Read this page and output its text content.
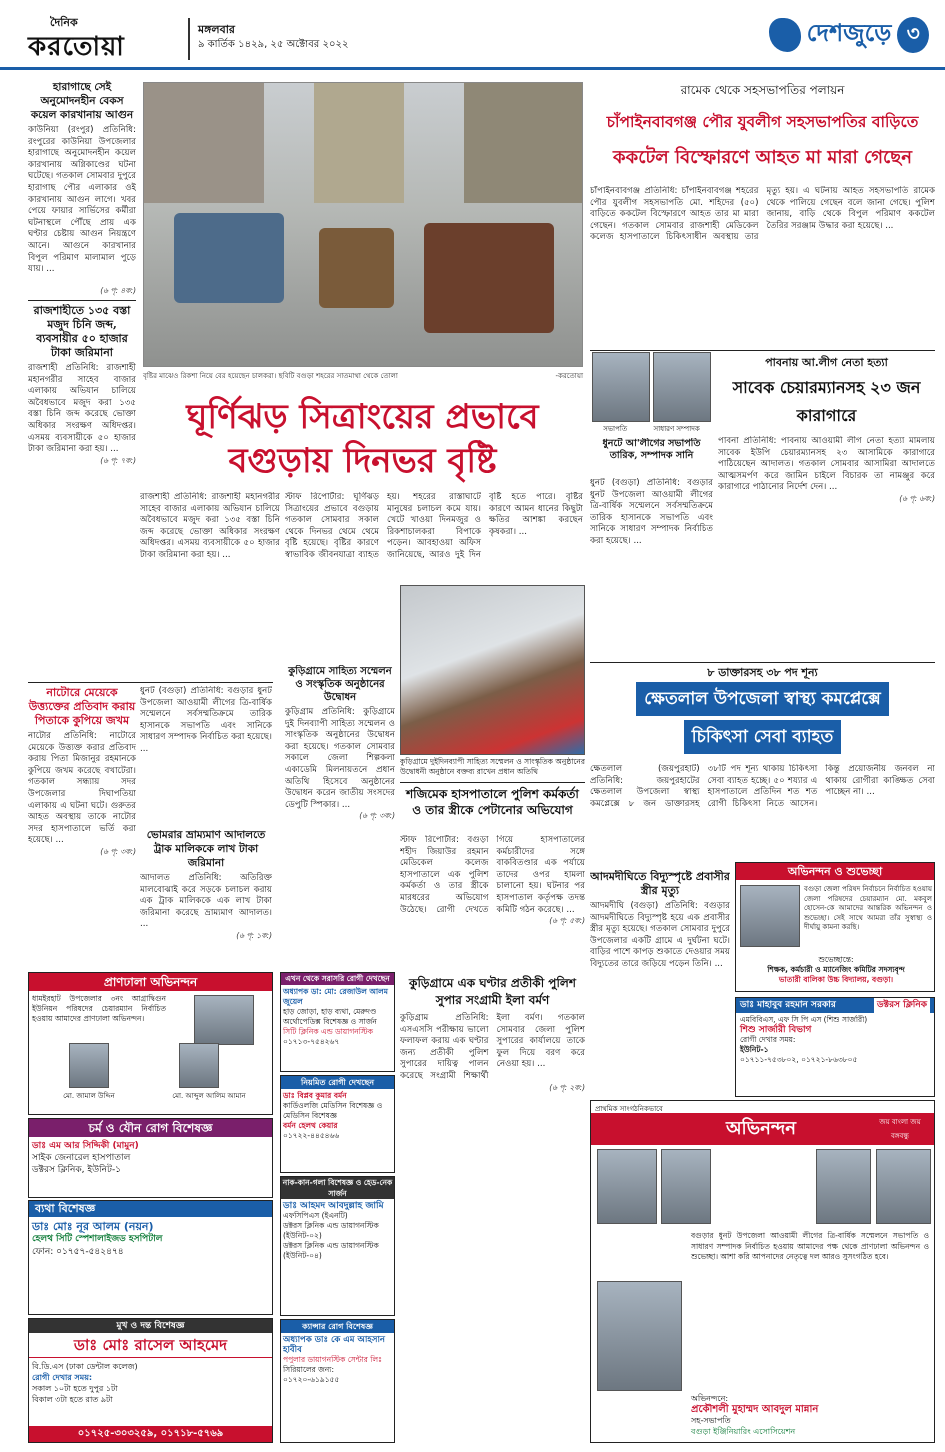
দৈনিক
করতোয়া
মঙ্গলবার
৯ কার্তিক ১৪২৯, ২৫ অক্টোবর ২০২২	দেশজুড়ে ৩
হারাগাছে সেই অনুমোদনহীন বেকস কয়েল কারখানায় আগুন
কাউনিয়া (রংপুর) প্রতিনিধি: রংপুরের কাউনিয়া উপজেলার হারাগাছে অনুমোদনহীন কয়েল কারখানায় অগ্নিকাণ্ডের ঘটনা ঘটেছে। গতকাল সোমবার দুপুরে হারাগাছ পৌর এলাকার ওই কারখানায় আগুন লাগে। খবর পেয়ে ফায়ার সার্ভিসের কর্মীরা ঘটনাস্থলে পৌঁছে প্রায় এক ঘণ্টার চেষ্টায় আগুন নিয়ন্ত্রণে আনে। আগুনে কারখানার বিপুল পরিমাণ মালামাল পুড়ে যায়। ...
(৬ পৃ: ৪ক:)
রাজশাহীতে ১৩৫ বস্তা মজুদ চিনি জব্দ, ব্যবসায়ীর ৫০ হাজার টাকা জরিমানা
রাজশাহী প্রতিনিধি: রাজশাহী মহানগরীর সাহেব বাজার এলাকায় অভিযান চালিয়ে অবৈধভাবে মজুদ করা ১৩৫ বস্তা চিনি জব্দ করেছে ভোক্তা অধিকার সংরক্ষণ অধিদপ্তর। এসময় ব্যবসায়ীকে ৫০ হাজার টাকা জরিমানা করা হয়। ...
(৬ পৃ: ৭ক:)
নাটোরে মেয়েকে উত্ত্যক্তের প্রতিবাদ করায় পিতাকে কুপিয়ে জখম
নাটোর প্রতিনিধি: নাটোরে মেয়েকে উত্ত্যক্ত করার প্রতিবাদ করায় পিতা মিজানুর রহমানকে কুপিয়ে জখম করেছে বখাটেরা। গতকাল সন্ধ্যায় সদর উপজেলার দিঘাপতিয়া এলাকায় এ ঘটনা ঘটে। গুরুতর আহত অবস্থায় তাকে নাটোর সদর হাসপাতালে ভর্তি করা হয়েছে। ...
(৬ পৃ: ৩ক:)
ধুনট (বগুড়া) প্রতিনিধি: বগুড়ার ধুনট উপজেলা আওয়ামী লীগের ত্রি-বার্ষিক সম্মেলনে সর্বসম্মতিক্রমে তারিক হাসানকে সভাপতি এবং সানিকে সাধারণ সম্পাদক নির্বাচিত করা হয়েছে। ...
ভোমরার ভ্রাম্যমাণ আদালতে ট্রাক মালিককে লাখ টাকা জরিমানা
আদালত প্রতিনিধি: অতিরিক্ত মালবোঝাই করে সড়কে চলাচল করায় এক ট্রাক মালিককে এক লাখ টাকা জরিমানা করেছে ভ্রাম্যমাণ আদালত। ...
(৬ পৃ: ১ক:)
বৃষ্টির মাঝেও রিকশা নিয়ে বের হয়েছেন চালকরা। ছবিটি বগুড়া শহরের সাতমাথা থেকে তোলা	-করতোয়া
ঘূর্ণিঝড় সিত্রাংয়ের প্রভাবে
বগুড়ায় দিনভর বৃষ্টি
স্টাফ রিপোর্টার: ঘূর্ণিঝড় সিত্রাংয়ের প্রভাবে বগুড়ায় গতকাল সোমবার সকাল থেকে দিনভর থেমে থেমে বৃষ্টি হয়েছে। বৃষ্টির কারণে স্বাভাবিক জীবনযাত্রা ব্যাহত হয়। শহরের রাস্তাঘাটে মানুষের চলাচল কমে যায়। খেটে খাওয়া দিনমজুর ও রিকশাচালকরা বিপাকে পড়েন। আবহাওয়া অফিস জানিয়েছে, আরও দুই দিন বৃষ্টি হতে পারে। বৃষ্টির কারণে আমন ধানের কিছুটা ক্ষতির আশঙ্কা করছেন কৃষকরা। ...
রাজশাহী প্রতিনিধি: রাজশাহী মহানগরীর সাহেব বাজার এলাকায় অভিযান চালিয়ে অবৈধভাবে মজুদ করা ১৩৫ বস্তা চিনি জব্দ করেছে ভোক্তা অধিকার সংরক্ষণ অধিদপ্তর। এসময় ব্যবসায়ীকে ৫০ হাজার টাকা জরিমানা করা হয়। ...
কুড়িগ্রামে সাহিত্য সম্মেলন ও সংস্কৃতিক অনুষ্ঠানের উদ্বোধন
কুড়িগ্রাম প্রতিনিধি: কুড়িগ্রামে দুই দিনব্যাপী সাহিত্য সম্মেলন ও সাংস্কৃতিক অনুষ্ঠানের উদ্বোধন করা হয়েছে। গতকাল সোমবার সকালে জেলা শিল্পকলা একাডেমি মিলনায়তনে প্রধান অতিথি হিসেবে অনুষ্ঠানের উদ্বোধন করেন জাতীয় সংসদের ডেপুটি স্পিকার। ...
(৬ পৃ: ৩ক:)
কুড়িগ্রামে দুইদিনব্যাপী সাহিত্য সম্মেলন ও সাংস্কৃতিক অনুষ্ঠানের উদ্বোধনী অনুষ্ঠানে বক্তব্য রাখেন প্রধান অতিথি
শজিমেক হাসপাতালে পুলিশ কর্মকর্তা
ও তার স্ত্রীকে পেটানোর অভিযোগ
স্টাফ রিপোর্টার: বগুড়া শহীদ জিয়াউর রহমান মেডিকেল কলেজ হাসপাতালে এক পুলিশ কর্মকর্তা ও তার স্ত্রীকে মারধরের অভিযোগ উঠেছে। রোগী দেখতে গিয়ে হাসপাতালের কর্মচারীদের সঙ্গে বাকবিতণ্ডার এক পর্যায়ে তাদের ওপর হামলা চালানো হয়। ঘটনার পর হাসপাতাল কর্তৃপক্ষ তদন্ত কমিটি গঠন করেছে। ...
(৬ পৃ: ৫ক:)
রামেক থেকে সহসভাপতির পলায়ন
চাঁপাইনবাবগঞ্জ পৌর যুবলীগ সহসভাপতির বাড়িতে
ককটেল বিস্ফোরণে আহত মা মারা গেছেন
চাঁপাইনবাবগঞ্জ প্রতিনিধি: চাঁপাইনবাবগঞ্জ শহরের পৌর যুবলীগ সহসভাপতি মো. শহিদের (৫০) বাড়িতে ককটেল বিস্ফোরণে আহত তার মা মারা গেছেন। গতকাল সোমবার রাজশাহী মেডিকেল কলেজ হাসপাতালে চিকিৎসাধীন অবস্থায় তার মৃত্যু হয়। এ ঘটনায় আহত সহসভাপতি রামেক থেকে পালিয়ে গেছেন বলে জানা গেছে। পুলিশ জানায়, বাড়ি থেকে বিপুল পরিমাণ ককটেল তৈরির সরঞ্জাম উদ্ধার করা হয়েছে। ...
সভাপতি	সাধারণ সম্পাদক
ধুনটে আ'লীগের সভাপতি তারিক, সম্পাদক সানি
ধুনট (বগুড়া) প্রতিনিধি: বগুড়ার ধুনট উপজেলা আওয়ামী লীগের ত্রি-বার্ষিক সম্মেলনে সর্বসম্মতিক্রমে তারিক হাসানকে সভাপতি এবং সানিকে সাধারণ সম্পাদক নির্বাচিত করা হয়েছে। ...
পাবনায় আ.লীগ নেতা হত্যা
সাবেক চেয়ারম্যানসহ ২৩ জন কারাগারে
পাবনা প্রতিনিধি: পাবনায় আওয়ামী লীগ নেতা হত্যা মামলায় সাবেক ইউপি চেয়ারম্যানসহ ২৩ আসামিকে কারাগারে পাঠিয়েছেন আদালত। গতকাল সোমবার আসামিরা আদালতে আত্মসমর্পণ করে জামিন চাইলে বিচারক তা নামঞ্জুর করে কারাগারে পাঠানোর নির্দেশ দেন। ...
(৬ পৃ: ৬ক:)
৮ ডাক্তারসহ ৩৮ পদ শূন্য
ক্ষেতলাল উপজেলা স্বাস্থ্য কমপ্লেক্সে চিকিৎসা সেবা ব্যাহত
ক্ষেতলাল (জয়পুরহাট) প্রতিনিধি: জয়পুরহাটের ক্ষেতলাল উপজেলা স্বাস্থ্য কমপ্লেক্সে ৮ জন ডাক্তারসহ ৩৮টি পদ শূন্য থাকায় চিকিৎসা সেবা ব্যাহত হচ্ছে। ৫০ শয্যার এ হাসপাতালে প্রতিদিন শত শত রোগী চিকিৎসা নিতে আসেন। কিন্তু প্রয়োজনীয় জনবল না থাকায় রোগীরা কাঙ্ক্ষিত সেবা পাচ্ছেন না। ...
কুড়িগ্রামে এক ঘণ্টার প্রতীকী পুলিশ সুপার সংগ্রামী ইলা বর্মণ
কুড়িগ্রাম প্রতিনিধি: এসএসসি পরীক্ষায় ভালো ফলাফল করায় এক ঘণ্টার জন্য প্রতীকী পুলিশ সুপারের দায়িত্ব পালন করেছে সংগ্রামী শিক্ষার্থী ইলা বর্মণ। গতকাল সোমবার জেলা পুলিশ সুপারের কার্যালয়ে তাকে ফুল দিয়ে বরণ করে নেওয়া হয়। ...
(৬ পৃ: ২ক:)
আদমদীঘিতে বিদ্যুস্পৃষ্টে প্রবাসীর স্ত্রীর মৃত্যু
আদমদীঘি (বগুড়া) প্রতিনিধি: বগুড়ার আদমদীঘিতে বিদ্যুস্পৃষ্ট হয়ে এক প্রবাসীর স্ত্রীর মৃত্যু হয়েছে। গতকাল সোমবার দুপুরে উপজেলার একটি গ্রামে এ দুর্ঘটনা ঘটে। বাড়ির পাশে কাপড় শুকাতে দেওয়ার সময় বিদ্যুতের তারে জড়িয়ে পড়েন তিনি। ...
প্রাণঢালা অভিনন্দন
ধামইরহাট উপজেলার ৩নং আগ্রাদ্বিগুন ইউনিয়ন পরিষদের চেয়ারম্যান নির্বাচিত হওয়ায় আমাদের প্রাণঢালা অভিনন্দন।
মো. জামাল উদ্দিন	মো. আব্দুল আলিম আমান
চর্ম ও যৌন রোগ বিশেষজ্ঞ
ডাঃ এম আর সিদ্দিকী (মামুন)
সাইক জেনারেল হাসপাতাল
ডক্টরস ক্লিনিক, ইউনিট-১
ব্যথা বিশেষজ্ঞ
ডাঃ মোঃ নূর আলম (নয়ন)
হেলথ সিটি স্পেশালাইজড হসপিটাল
ফোন: ০১৭৫৭-৫৪২৪৭৪
মুখ ও দন্ত বিশেষজ্ঞ
ডাঃ মোঃ রাসেল আহমেদ
বি.ডি.এস (ঢাকা ডেন্টাল কলেজ)
রোগী দেখার সময়:
সকাল ১০টা হতে দুপুর ১টা
বিকাল ৩টা হতে রাত ৯টা
০১৭২৫-৩০৩২৫৯, ০১৭১৮-৫৭৬৯
এখন থেকে সরাসরি রোগী দেখছেন
অধ্যাপক ডা: মো: রেজাউল আলম জুয়েল
হাড় জোড়া, হাড় ব্যথা, মেরুদণ্ড অর্থোপেডিক্স বিশেষজ্ঞ ও সার্জন
সিটি ক্লিনিক এন্ড ডায়াগনস্টিক
০১৭১৩-৭৫৪২৬৭
নিয়মিত রোগী দেখছেন
ডাঃ বিপ্লব কুমার বর্মন
কার্ডিওলজি মেডিসিন বিশেষজ্ঞ ও মেডিসিন বিশেষজ্ঞ
বর্মন হেলথ কেয়ার
০১৭২২-৪৪৫৪৬৬
নাক-কান-গলা বিশেষজ্ঞ ও হেড-নেক সার্জন
ডাঃ আহমদ আবদুল্লাহ জামি
এফসিপিএস (ইএনটি)
ডক্টরস ক্লিনিক এন্ড ডায়াগনস্টিক (ইউনিট-০২)
ডক্টরস ক্লিনিক এন্ড ডায়াগনস্টিক (ইউনিট-০৪)
ক্যান্সার রোগ বিশেষজ্ঞ
অধ্যাপক ডাঃ কে এম আহসান হাবীব
পপুলার ডায়াগনস্টিক সেন্টার লিঃ
সিরিয়ালের জন্য: ০১৭২০-৬১৯১৫৫
অভিনন্দন ও শুভেচ্ছা
বগুড়া জেলা পরিষদ নির্বাচনে নির্বাচিত হওয়ায় জেলা পরিষদের চেয়ারম্যান মো. মকবুল হোসেন-কে আমাদের আন্তরিক অভিনন্দন ও শুভেচ্ছা। সেই সাথে আমরা তাঁর সুস্বাস্থ্য ও দীর্ঘায়ু কামনা করছি।
শুভেচ্ছান্তে:
শিক্ষক, কর্মচারী ও ম্যানেজিং কমিটির সদস্যবৃন্দ
ভাতারী বালিকা উচ্চ বিদ্যালয়, বগুড়া।
ডাঃ মাহাবুব রহমান সরকার	ডক্টরস ক্লিনিক
এমবিবিএস, এফ সি পি এস (শিশু সার্জারী)
শিশু সার্জারী বিভাগ
রোগী দেখার সময়:
ইউনিট-১
০১৭১১-৭৫৩৮০২, ০১৭২১-৮৬৩৮০৫
প্রাথমিক সাংগঠনিকভাবে
অভিনন্দন	জয় বাংলা জয় বঙ্গবন্ধু
বগুড়ার ধুনট উপজেলা আওয়ামী লীগের ত্রি-বার্ষিক সম্মেলনে সভাপতি ও সাধারণ সম্পাদক নির্বাচিত হওয়ায় আমাদের পক্ষ থেকে প্রাণঢালা অভিনন্দন ও শুভেচ্ছা। আশা করি আপনাদের নেতৃত্বে দল আরও সুসংগঠিত হবে।
অভিনন্দনে:
প্রকৌশলী মুহাম্মদ আবদুল মান্নান
সহ-সভাপতি
বগুড়া ইঞ্জিনিয়ারিং এসোসিয়েশন
